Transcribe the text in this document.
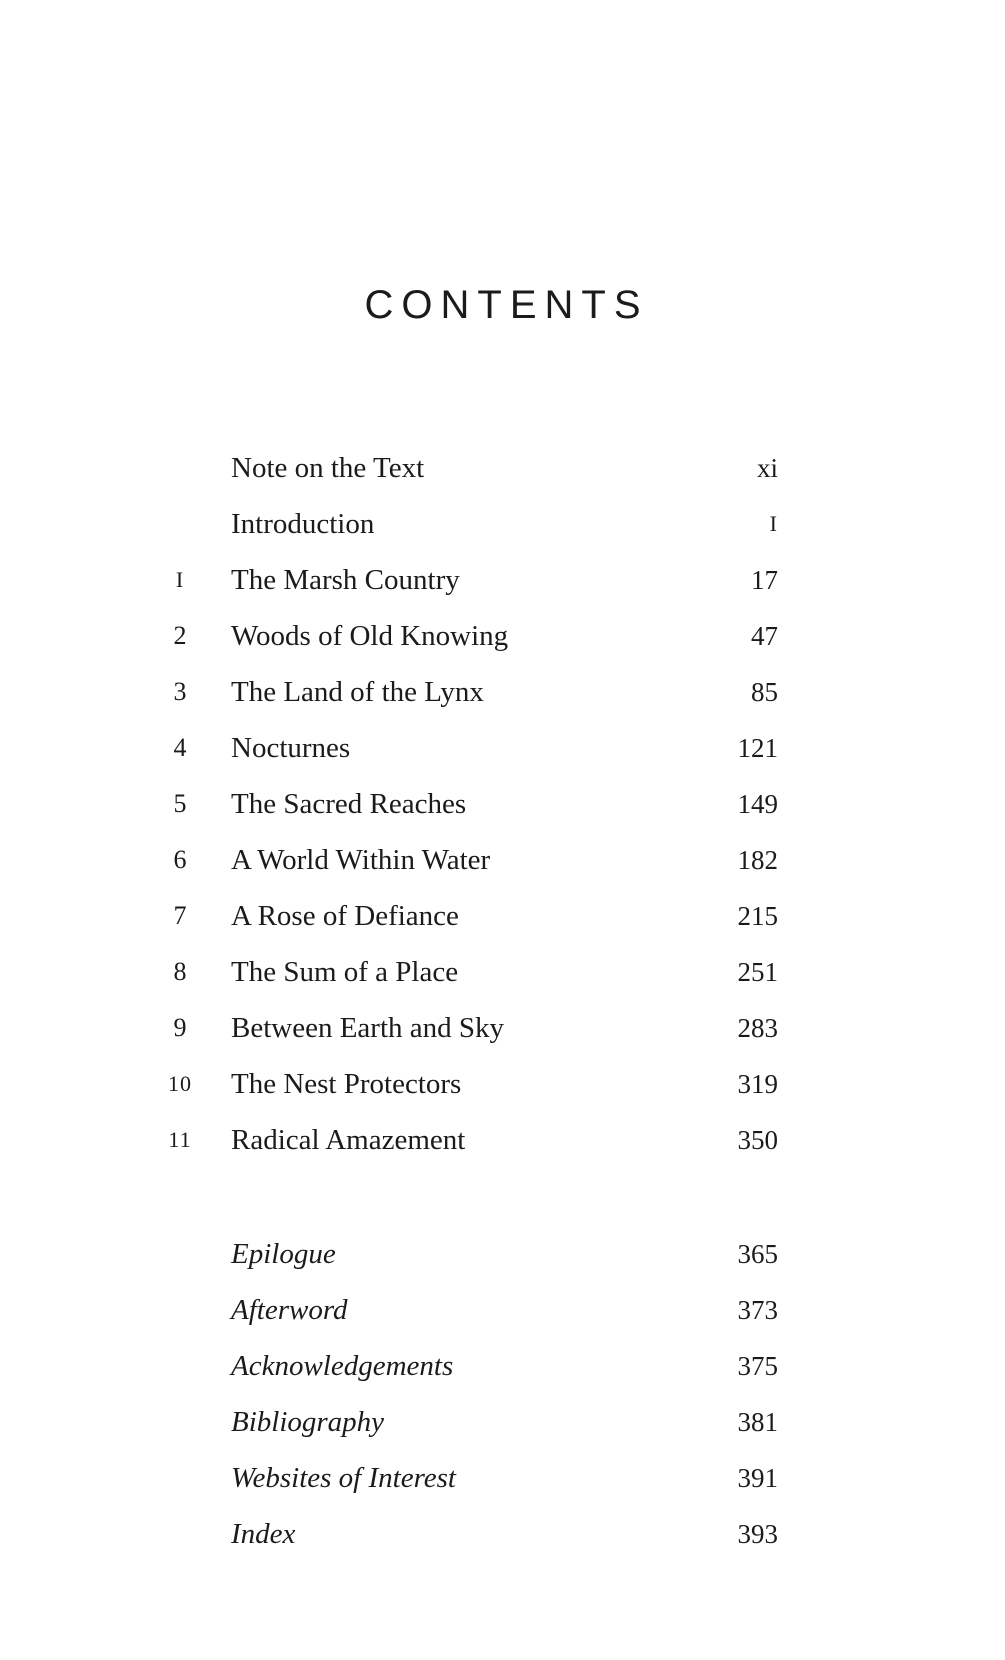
CONTENTS
Note on the Text	xi
Introduction	I
I	The Marsh Country	17
2	Woods of Old Knowing	47
3	The Land of the Lynx	85
4	Nocturnes	121
5	The Sacred Reaches	149
6	A World Within Water	182
7	A Rose of Defiance	215
8	The Sum of a Place	251
9	Between Earth and Sky	283
10 The Nest Protectors	319
11 Radical Amazement	350
Epilogue	365
Afterword	373
Acknowledgements	375
Bibliography	381
Websites of Interest	391
Index	393
